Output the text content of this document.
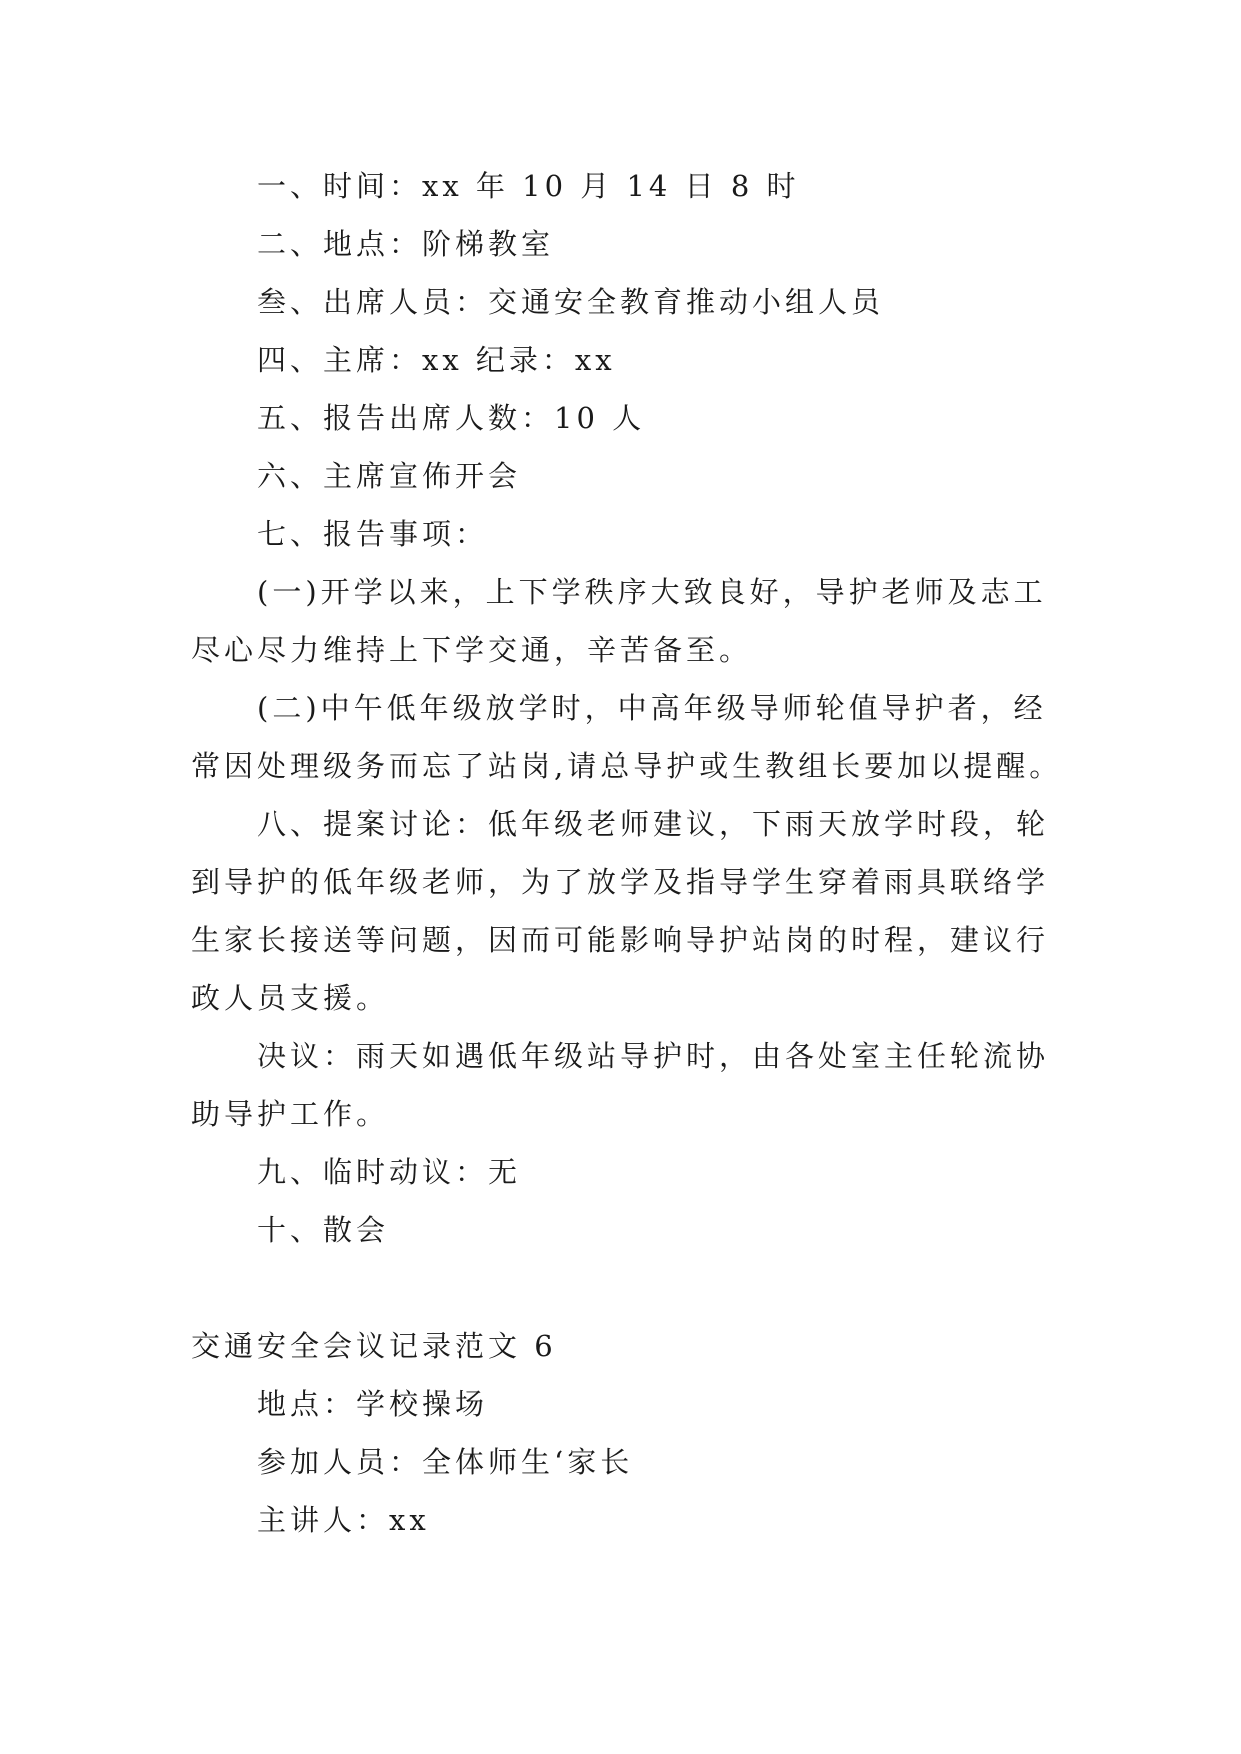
一、时间：xx 年 10 月 14 日 8 时
二、地点：阶梯教室
叁、出席人员：交通安全教育推动小组人员
四、主席：xx 纪录：xx
五、报告出席人数：10 人
六、主席宣佈开会
七、报告事项：
(一)开学以来，上下学秩序大致良好，导护老师及志工
尽心尽力维持上下学交通，辛苦备至。
(二)中午低年级放学时，中高年级导师轮值导护者，经
常因处理级务而忘了站岗,请总导护或生教组长要加以提醒。
八、提案讨论：低年级老师建议，下雨天放学时段，轮
到导护的低年级老师，为了放学及指导学生穿着雨具联络学
生家长接送等问题，因而可能影响导护站岗的时程，建议行
政人员支援。
决议：雨天如遇低年级站导护时，由各处室主任轮流协
助导护工作。
九、临时动议：无
十、散会
交通安全会议记录范文 6
地点：学校操场
参加人员：全体师生‘家长
主讲人：xx
